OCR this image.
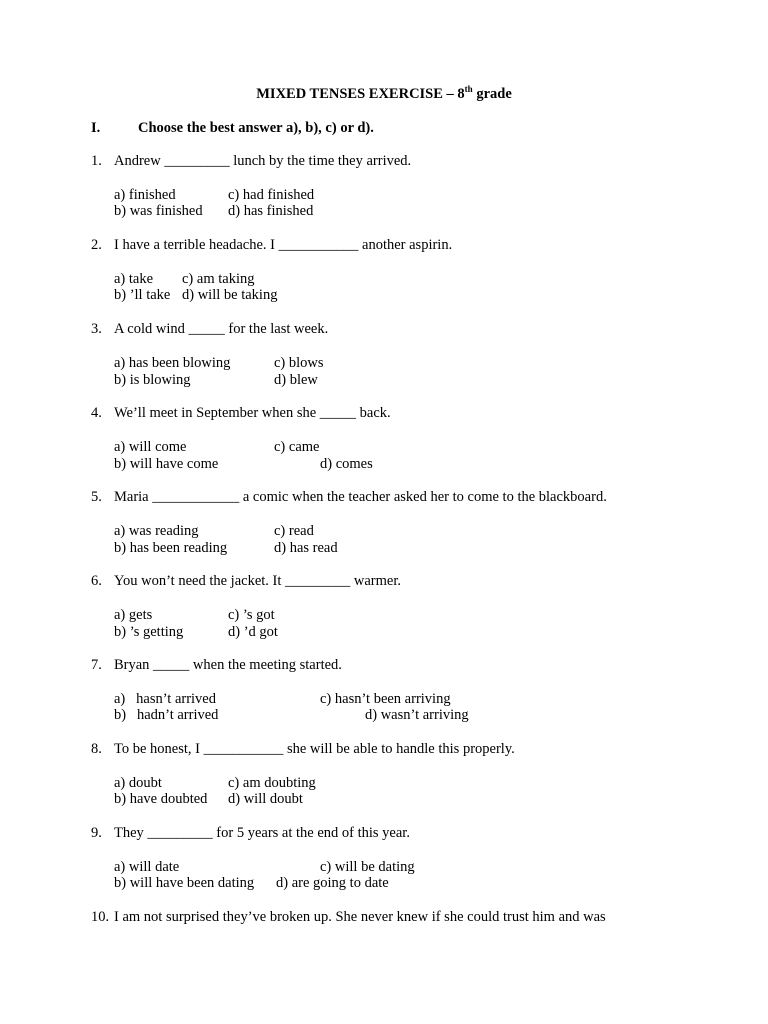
MIXED TENSES EXERCISE – 8th grade
I.	Choose the best answer a), b), c) or d).
1. Andrew _________ lunch by the time they arrived.
a) finished	c) had finished
b) was finished d) has finished
2. I have a terrible headache. I ___________ another aspirin.
a) take c) am taking
b) ’ll take d) will be taking
3. A cold wind _____ for the last week.
a) has been blowing	c) blows
b) is blowing	d) blew
4. We’ll meet in September when she _____ back.
a) will come	c) came
b) will have come	d) comes
5. Maria ____________ a comic when the teacher asked her to come to the blackboard.
a) was reading	c) read
b) has been reading	d) has read
6. You won’t need the jacket. It _________ warmer.
a) gets	c) ’s got
b) ’s getting	d) ’d got
7. Bryan _____ when the meeting started.
a)   hasn’t arrived	c) hasn’t been arriving
b)   hadn’t arrived	d) wasn’t arriving
8. To be honest, I ___________ she will be able to handle this properly.
a) doubt	c) am doubting
b) have doubted d) will doubt
9. They _________ for 5 years at the end of this year.
a) will date	c) will be dating
b) will have been dating d) are going to date
10. I am not surprised they’ve broken up. She never knew if she could trust him and was
